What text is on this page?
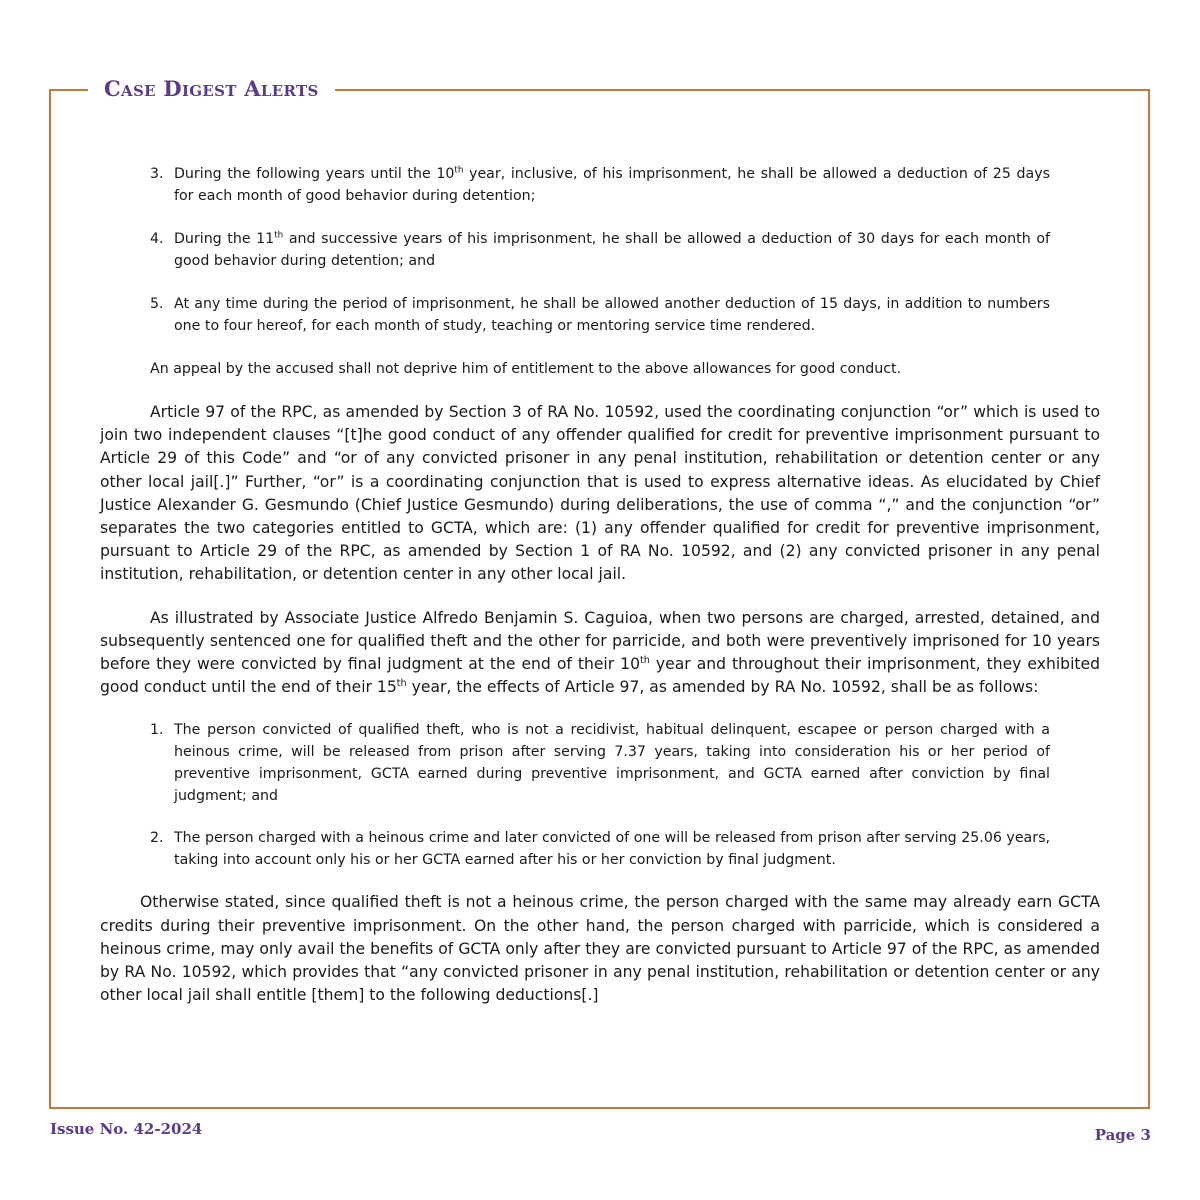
Case Digest Alerts
3. During the following years until the 10th year, inclusive, of his imprisonment, he shall be allowed a deduction of 25 days for each month of good behavior during detention;
4. During the 11th and successive years of his imprisonment, he shall be allowed a deduction of 30 days for each month of good behavior during detention; and
5. At any time during the period of imprisonment, he shall be allowed another deduction of 15 days, in addition to numbers one to four hereof, for each month of study, teaching or mentoring service time rendered.

An appeal by the accused shall not deprive him of entitlement to the above allowances for good conduct.

Article 97 of the RPC, as amended by Section 3 of RA No. 10592, used the coordinating conjunction “or” which is used to join two independent clauses “[t]he good conduct of any offender qualified for credit for preventive imprisonment pursuant to Article 29 of this Code” and “or of any convicted prisoner in any penal institution, rehabilitation or detention center or any other local jail[.]” Further, “or” is a coordinating conjunction that is used to express alternative ideas. As elucidated by Chief Justice Alexander G. Gesmundo (Chief Justice Gesmundo) during deliberations, the use of comma “,” and the conjunction “or” separates the two categories entitled to GCTA, which are: (1) any offender qualified for credit for preventive imprisonment, pursuant to Article 29 of the RPC, as amended by Section 1 of RA No. 10592, and (2) any convicted prisoner in any penal institution, rehabilitation, or detention center in any other local jail.

As illustrated by Associate Justice Alfredo Benjamin S. Caguioa, when two persons are charged, arrested, detained, and subsequently sentenced one for qualified theft and the other for parricide, and both were preventively imprisoned for 10 years before they were convicted by final judgment at the end of their 10th year and throughout their imprisonment, they exhibited good conduct until the end of their 15th year, the effects of Article 97, as amended by RA No. 10592, shall be as follows:

1. The person convicted of qualified theft, who is not a recidivist, habitual delinquent, escapee or person charged with a heinous crime, will be released from prison after serving 7.37 years, taking into consideration his or her period of preventive imprisonment, GCTA earned during preventive imprisonment, and GCTA earned after conviction by final judgment; and
2. The person charged with a heinous crime and later convicted of one will be released from prison after serving 25.06 years, taking into account only his or her GCTA earned after his or her conviction by final judgment.

Otherwise stated, since qualified theft is not a heinous crime, the person charged with the same may already earn GCTA credits during their preventive imprisonment. On the other hand, the person charged with parricide, which is considered a heinous crime, may only avail the benefits of GCTA only after they are convicted pursuant to Article 97 of the RPC, as amended by RA No. 10592, which provides that “any convicted prisoner in any penal institution, rehabilitation or detention center or any other local jail shall entitle [them] to the following deductions[.]

Issue No. 42-2024	Page 3
